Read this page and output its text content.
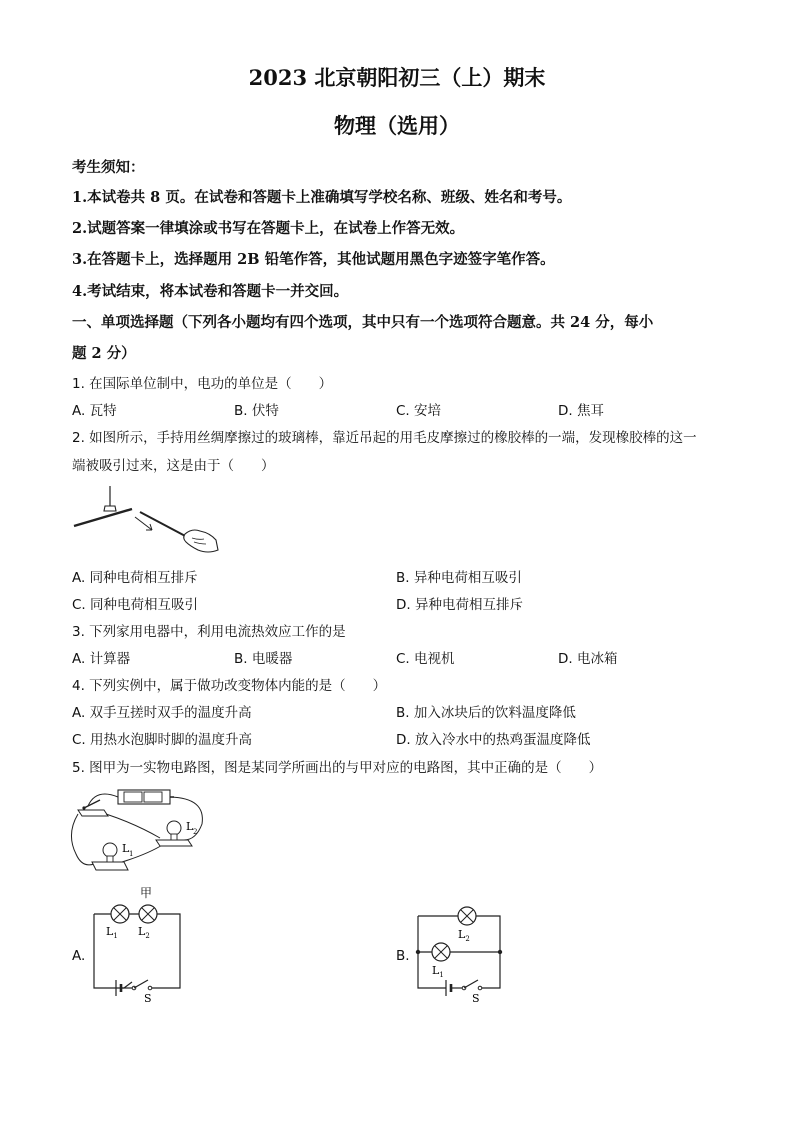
2023 北京朝阳初三（上）期末
物理（选用）
考生须知：
1.本试卷共 8 页。在试卷和答题卡上准确填写学校名称、班级、姓名和考号。
2.试题答案一律填涂或书写在答题卡上，在试卷上作答无效。
3.在答题卡上，选择题用 2B 铅笔作答，其他试题用黑色字迹签字笔作答。
4.考试结束，将本试卷和答题卡一并交回。
一、单项选择题（下列各小题均有四个选项，其中只有一个选项符合题意。共 24 分，每小
题 2 分）
1. 在国际单位制中，电功的单位是（　　）
A. 瓦特	B. 伏特	C. 安培	D. 焦耳
2. 如图所示，手持用丝绸摩擦过的玻璃棒，靠近吊起的用毛皮摩擦过的橡胶棒的一端，发现橡胶棒的这一
端被吸引过来，这是由于（　　）
A. 同种电荷相互排斥	B. 异种电荷相互吸引
C. 同种电荷相互吸引	D. 异种电荷相互排斥
3. 下列家用电器中，利用电流热效应工作的是
A. 计算器	B. 电暖器	C. 电视机	D. 电冰箱
4. 下列实例中，属于做功改变物体内能的是（　　）
A. 双手互搓时双手的温度升高	B. 加入冰块后的饮料温度降低
C. 用热水泡脚时脚的温度升高	D. 放入冷水中的热鸡蛋温度降低
5. 图甲为一实物电路图，图是某同学所画出的与甲对应的电路图，其中正确的是（　　）
L 2
L 1
甲
A.
$L_1$ $L_2$
S
B.
$L_2$
$L_1$
S
